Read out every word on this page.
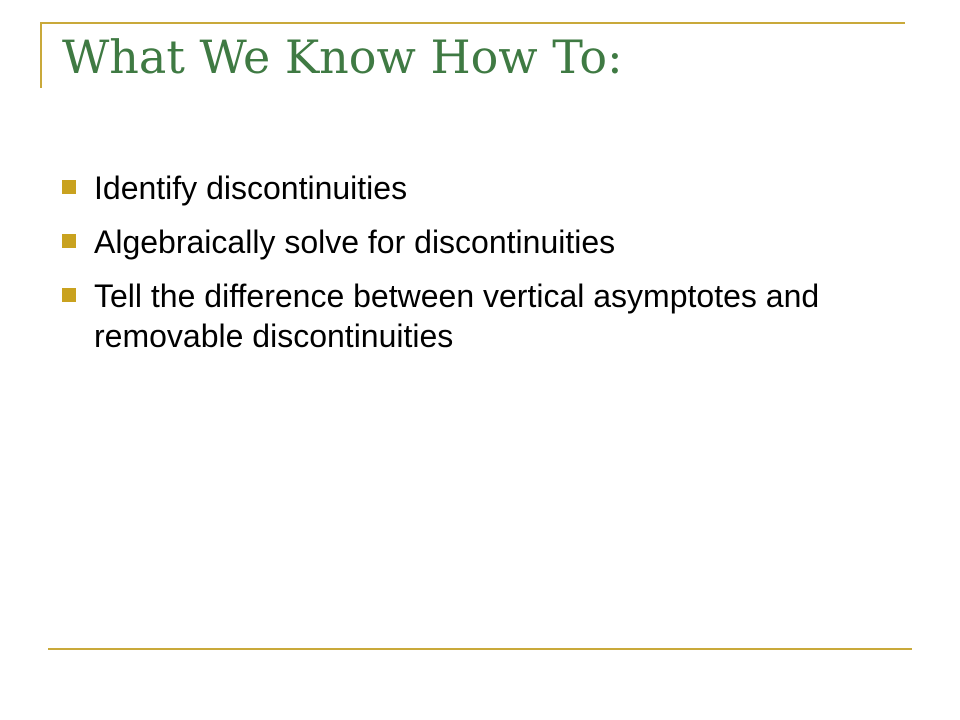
What We Know How To:
Identify discontinuities
Algebraically solve for discontinuities
Tell the difference between vertical asymptotes and removable discontinuities
